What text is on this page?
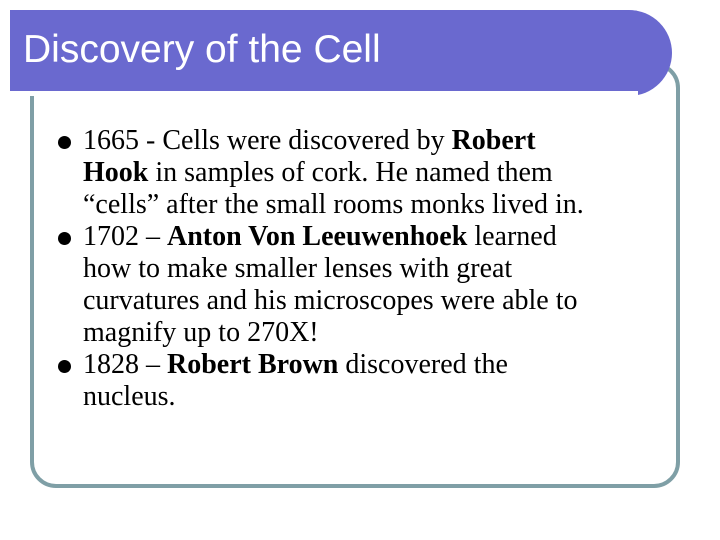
Discovery of the Cell
1665 - Cells were discovered by Robert
Hook in samples of cork. He named them
“cells” after the small rooms monks lived in.
1702 – Anton Von Leeuwenhoek learned
how to make smaller lenses with great
curvatures and his microscopes were able to
magnify up to 270X!
1828 – Robert Brown discovered the
nucleus.
